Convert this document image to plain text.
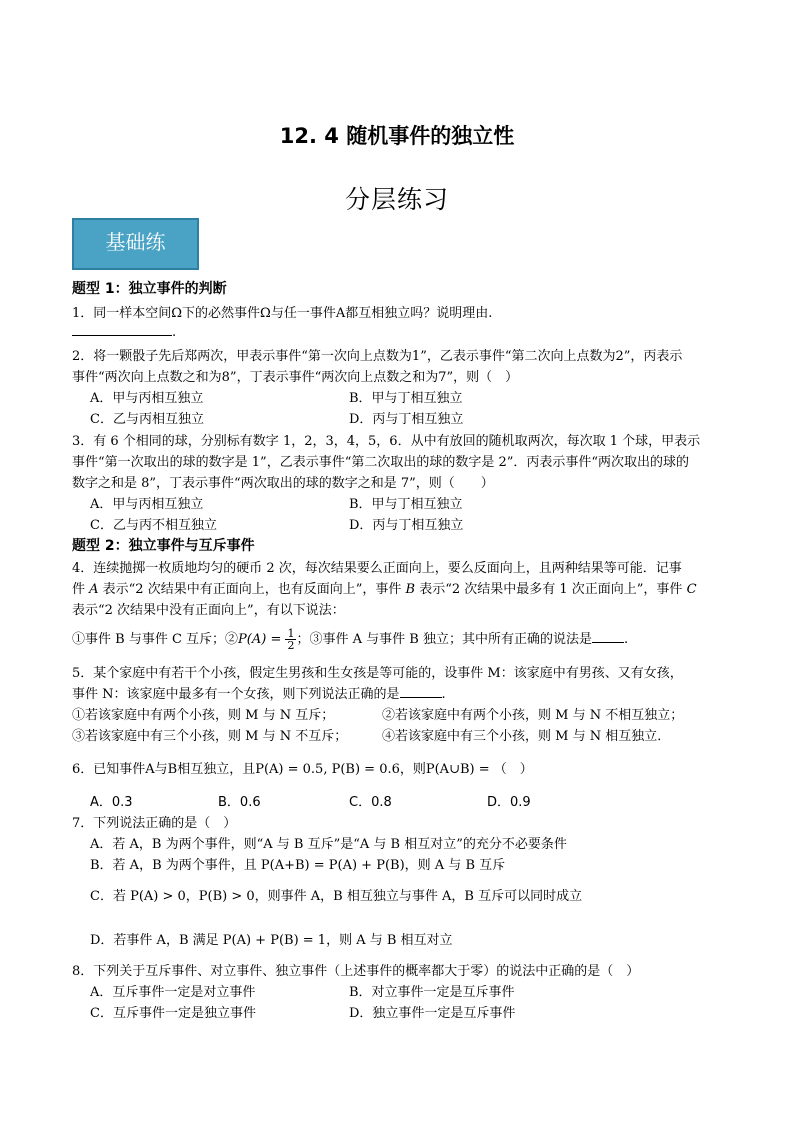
12. 4 随机事件的独立性
分层练习
基础练
题型 1：独立事件的判断
1．同一样本空间Ω下的必然事件Ω与任一事件A都互相独立吗？说明理由.
.
2．将一颗骰子先后郑两次，甲表示事件“第一次向上点数为1”，乙表示事件“第二次向上点数为2”，丙表示
事件“两次向上点数之和为8”，丁表示事件“两次向上点数之和为7”，则（　）
A．甲与丙相互独立	B．甲与丁相互独立
C．乙与丙相互独立	D．丙与丁相互独立
3．有 6 个相同的球，分别标有数字 1，2，3，4，5，6．从中有放回的随机取两次，每次取 1 个球，甲表示
事件“第一次取出的球的数字是 1”，乙表示事件“第二次取出的球的数字是 2”．丙表示事件“两次取出的球的
数字之和是 8”，丁表示事件“两次取出的球的数字之和是 7”，则（　　）
A．甲与丙相互独立	B．甲与丁相互独立
C．乙与丙不相互独立	D．丙与丁相互独立
题型 2：独立事件与互斥事件
4．连续抛掷一枚质地均匀的硬币 2 次，每次结果要么正面向上，要么反面向上，且两种结果等可能．记事
件 A 表示“2 次结果中有正面向上，也有反面向上”，事件 B 表示“2 次结果中最多有 1 次正面向上”，事件 C
表示“2 次结果中没有正面向上”，有以下说法：
①事件 B 与事件 C 互斥；②P(A) = $\frac{1}{2}$ ；③事件 A 与事件 B 独立；其中所有正确的说法是 .
5．某个家庭中有若干个小孩，假定生男孩和生女孩是等可能的，设事件 M：该家庭中有男孩、又有女孩，
事件 N：该家庭中最多有一个女孩，则下列说法正确的是	.
①若该家庭中有两个小孩，则 M 与 N 互斥；	②若该家庭中有两个小孩，则 M 与 N 不相互独立；
③若该家庭中有三个小孩，则 M 与 N 不互斥；	④若该家庭中有三个小孩，则 M 与 N 相互独立．
6．已知事件A与B相互独立，且P(A) = 0.5, P(B) = 0.6，则P(A∪B) = （　）
A．0.3	B．0.6	C．0.8	D．0.9
7．下列说法正确的是（　）
A．若 A，B 为两个事件，则“A 与 B 互斥”是“A 与 B 相互对立”的充分不必要条件
B．若 A，B 为两个事件，且 P(A+B) = P(A) + P(B)，则 A 与 B 互斥
C．若 P(A) > 0，P(B) > 0，则事件 A，B 相互独立与事件 A，B 互斥可以同时成立
D．若事件 A，B 满足 P(A) + P(B) = 1，则 A 与 B 相互对立
8．下列关于互斥事件、对立事件、独立事件（上述事件的概率都大于零）的说法中正确的是（　）
A．互斥事件一定是对立事件	B．对立事件一定是互斥事件
C．互斥事件一定是独立事件	D．独立事件一定是互斥事件
